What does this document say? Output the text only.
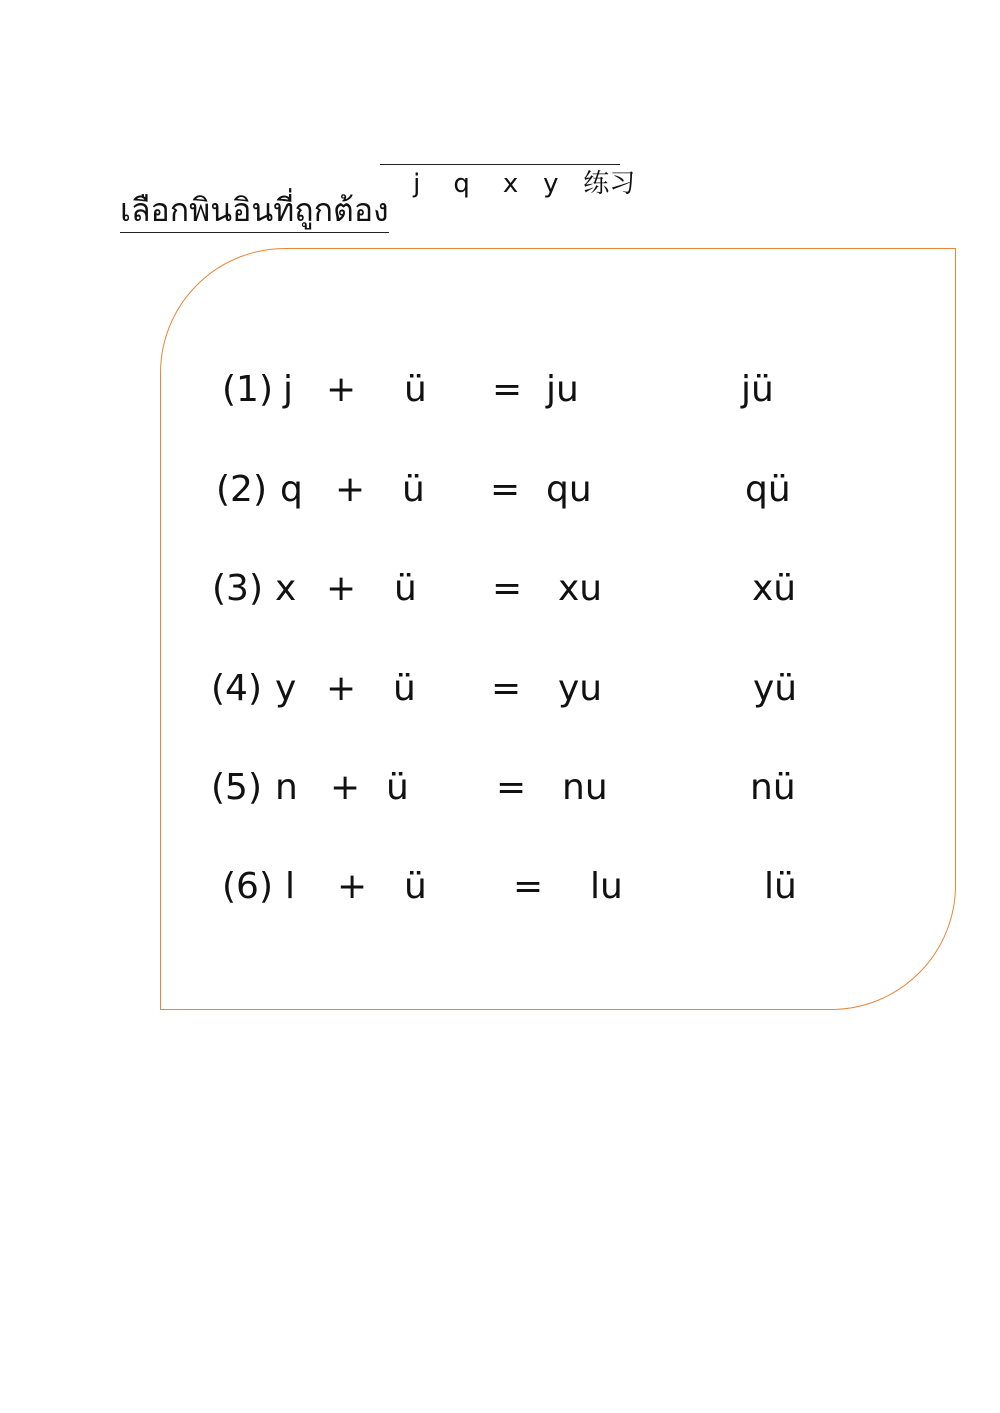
j    q    x   y 练习

เลือกพินอินที่ถูกต้อง
(1) j + ü = ju	jü
(2) q + ü = qu	qü
(3) x + ü = xu	xü
(4) y + ü = yu	yü
(5) n + ü = nu	nü
(6) l + ü = lu	lü
